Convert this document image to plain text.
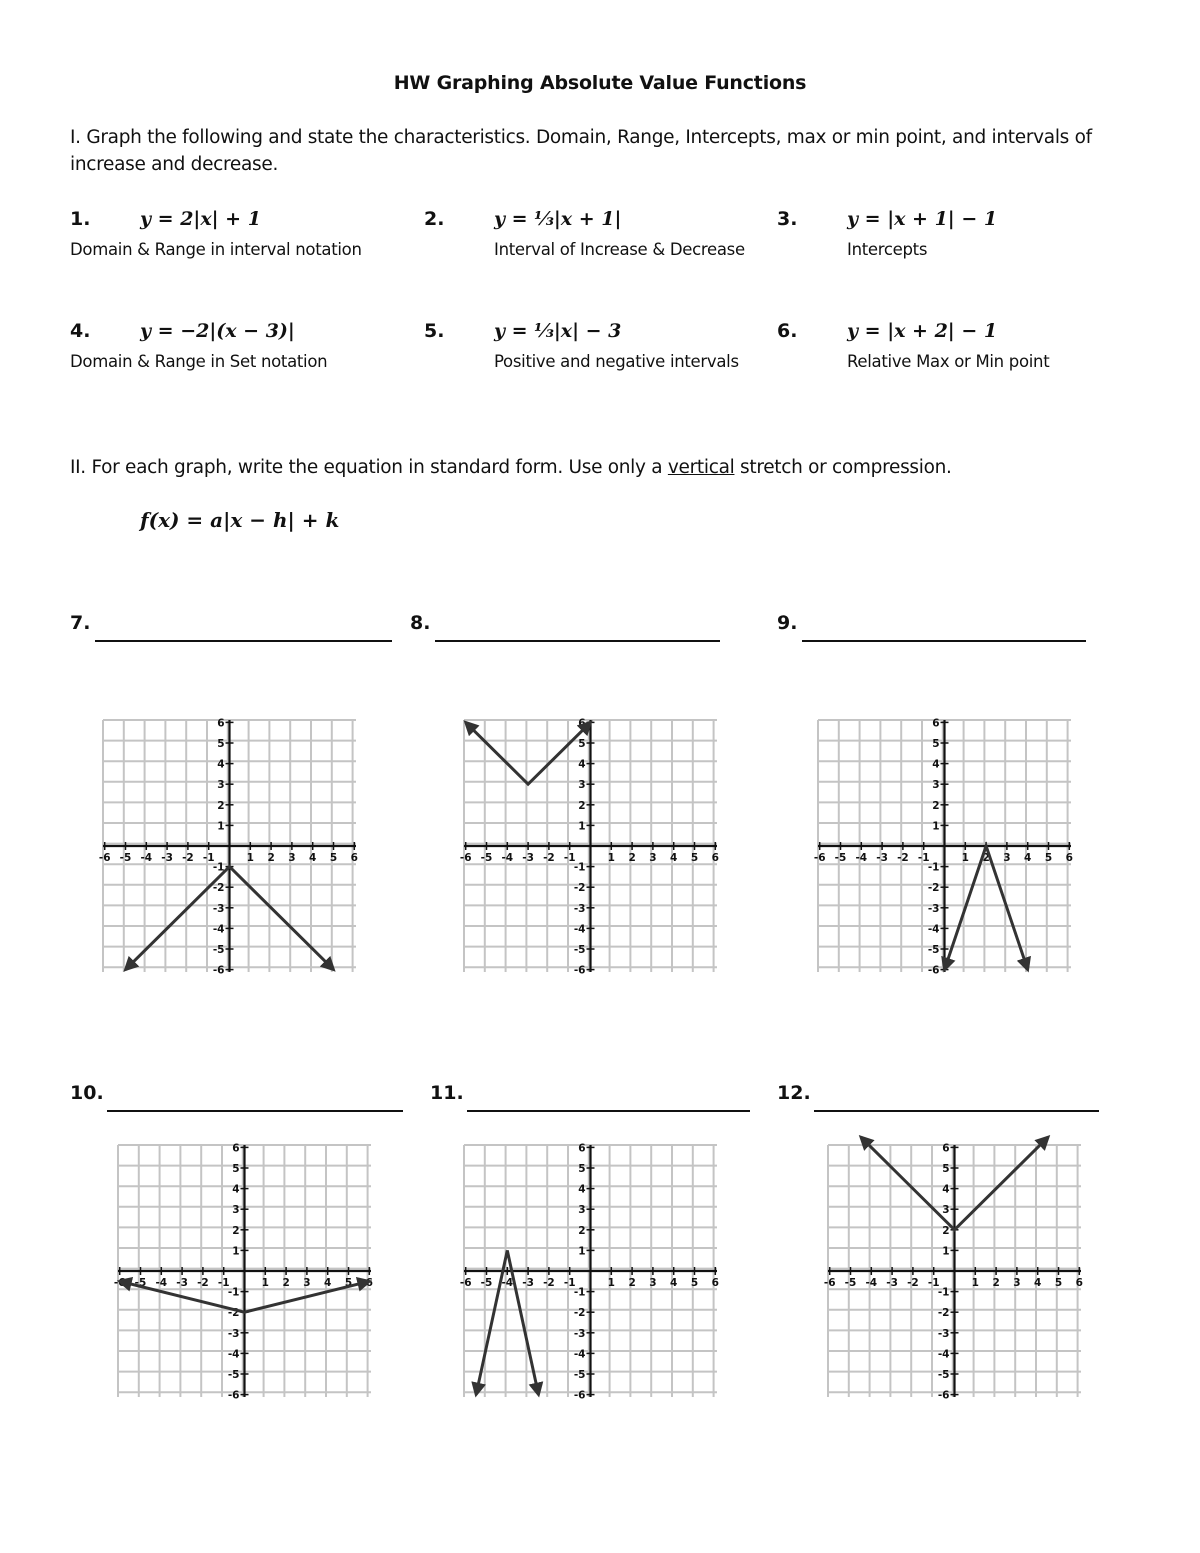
HW Graphing Absolute Value Functions
I. Graph the following and state the characteristics. Domain, Range, Intercepts, max or min point, and intervals of increase and decrease.
1.	y = 2|x| + 1
Domain & Range in interval notation
2.	y = ⅓|x + 1|
Interval of Increase & Decrease
3.	y = |x + 1| − 1
Intercepts
4.	y = −2|(x − 3)|
Domain & Range in Set notation
5.	y = ⅓|x| − 3
Positive and negative intervals
6.	y = |x + 2| − 1
Relative Max or Min point
II. For each graph, write the equation in standard form. Use only a vertical stretch or compression.
f(x) = a|x − h| + k
7.	8.	9.
10.	11.	12.
-6 -5 -4 -3 -2 -1	1 2 3 4 5 6
6
5
4
3
2
1
-1
-2
-3
-4
-5
-6
-6 -5 -4 -3 -2 -1	1 2 3 4 5 6
6
5
4
3
2
1
-1
-2
-3
-4
-5
-6
-6 -5 -4 -3 -2 -1	1 2 3 4 5 6
6
5
4
3
2
1
-1
-2
-3
-4
-5
-6
-6 -5 -4 -3 -2 -1	1 2 3 4 5 6
6
5
4
3
2
1
-1
-2
-3
-4
-5
-6
-6 -5 -4 -3 -2 -1	1 2 3 4 5 6
6
5
4
3
2
1
-1
-2
-3
-4
-5
-6
-6 -5 -4 -3 -2 -1	1 2 3 4 5 6
6
5
4
3
2
1
-1
-2
-3
-4
-5
-6
